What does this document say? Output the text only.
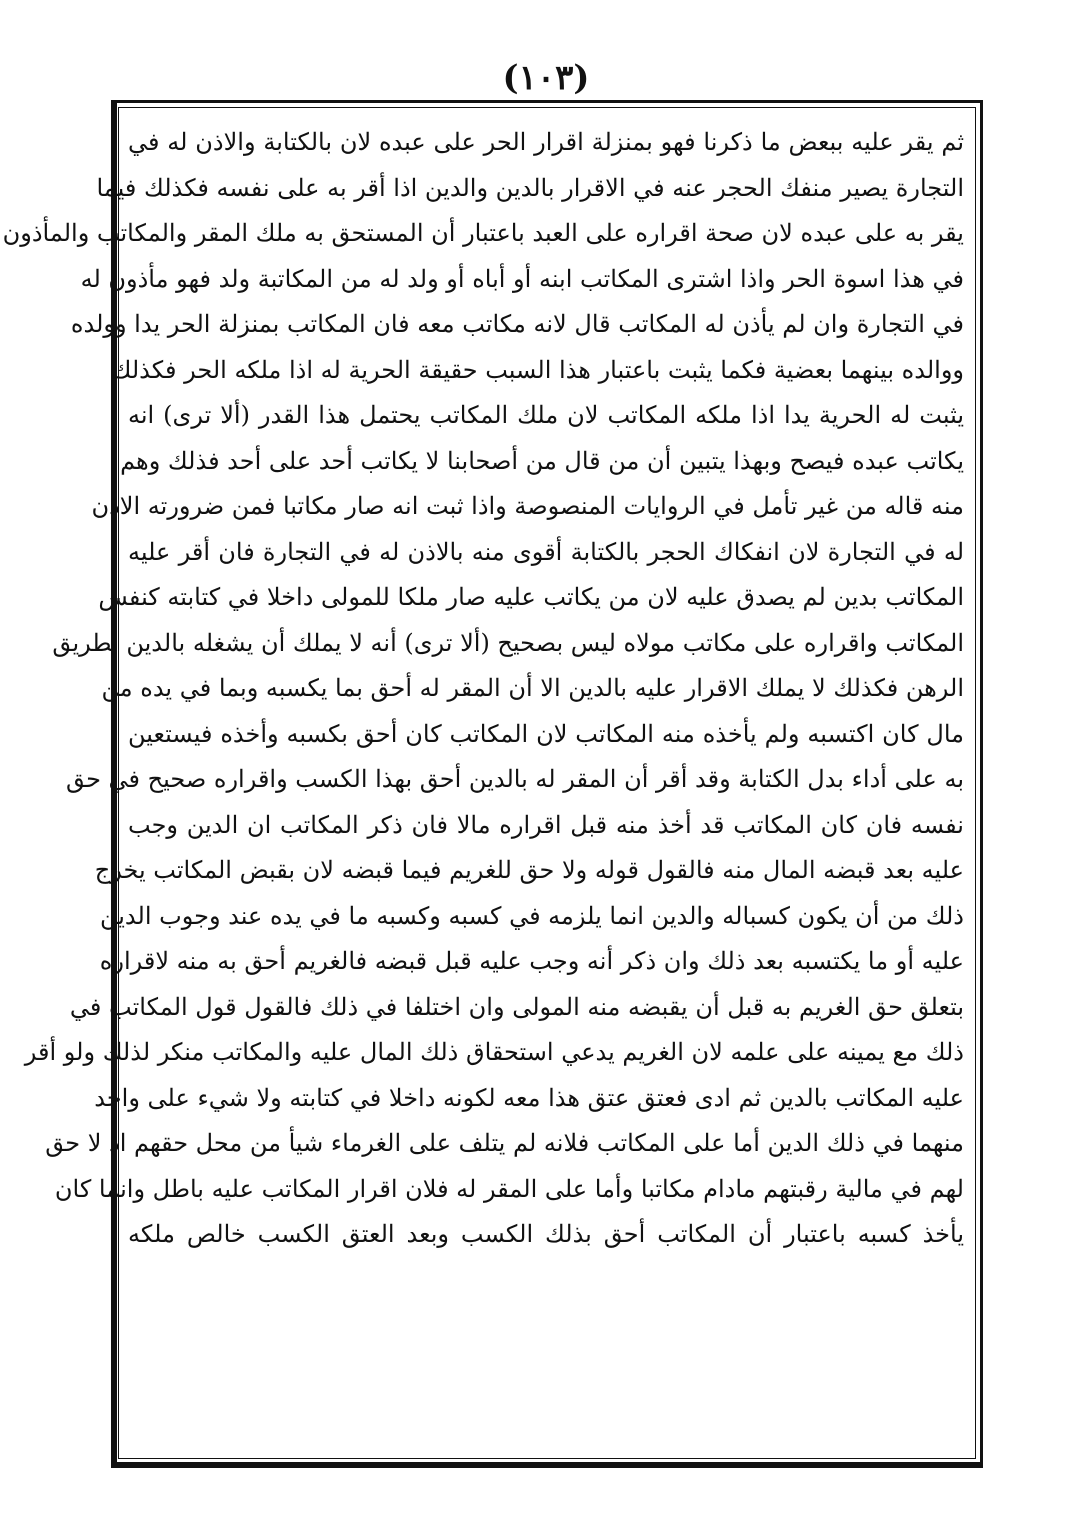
(١٠٣)
ثم يقر عليه ببعض ما ذكرنا فهو بمنزلة اقرار الحر على عبده لان بالكتابة والاذن له في
التجارة يصير منفك الحجر عنه في الاقرار بالدين والدين اذا أقر به على نفسه فكذلك فيما
يقر به على عبده لان صحة اقراره على العبد باعتبار أن المستحق به ملك المقر والمكاتب والمأذون
في هذا اسوة الحر واذا اشترى المكاتب ابنه أو أباه أو ولد له من المكاتبة ولد فهو مأذون له
في التجارة وان لم يأذن له المكاتب قال لانه مكاتب معه فان المكاتب بمنزلة الحر يدا وولده
ووالده بينهما بعضية فكما يثبت باعتبار هذا السبب حقيقة الحرية له اذا ملكه الحر فكذلك
يثبت له الحرية يدا اذا ملكه المكاتب لان ملك المكاتب يحتمل هذا القدر (ألا ترى) انه
يكاتب عبده فيصح وبهذا يتبين أن من قال من أصحابنا لا يكاتب أحد على أحد فذلك وهم
منه قاله من غير تأمل في الروايات المنصوصة واذا ثبت انه صار مكاتبا فمن ضرورته الاذن
له في التجارة لان انفكاك الحجر بالكتابة أقوى منه بالاذن له في التجارة فان أقر عليه
المكاتب بدين لم يصدق عليه لان من يكاتب عليه صار ملكا للمولى داخلا في كتابته كنفس
المكاتب واقراره على مكاتب مولاه ليس بصحيح (ألا ترى) أنه لا يملك أن يشغله بالدين بطريق
الرهن فكذلك لا يملك الاقرار عليه بالدين الا أن المقر له أحق بما يكسبه وبما في يده من
مال كان اكتسبه ولم يأخذه منه المكاتب لان المكاتب كان أحق بكسبه وأخذه فيستعين
به على أداء بدل الكتابة وقد أقر أن المقر له بالدين أحق بهذا الكسب واقراره صحيح في حق
نفسه فان كان المكاتب قد أخذ منه قبل اقراره مالا فان ذكر المكاتب ان الدين وجب
عليه بعد قبضه المال منه فالقول قوله ولا حق للغريم فيما قبضه لان بقبض المكاتب يخرج
ذلك من أن يكون كسباله والدين انما يلزمه في كسبه وكسبه ما في يده عند وجوب الدين
عليه أو ما يكتسبه بعد ذلك وان ذكر أنه وجب عليه قبل قبضه فالغريم أحق به منه لاقراره
بتعلق حق الغريم به قبل أن يقبضه منه المولى وان اختلفا في ذلك فالقول قول المكاتب في
ذلك مع يمينه على علمه لان الغريم يدعي استحقاق ذلك المال عليه والمكاتب منكر لذلك ولو أقر
عليه المكاتب بالدين ثم ادى فعتق عتق هذا معه لكونه داخلا في كتابته ولا شيء على واحد
منهما في ذلك الدين أما على المكاتب فلانه لم يتلف على الغرماء شيأ من محل حقهم اذ لا حق
لهم في مالية رقبتهم مادام مكاتبا وأما على المقر له فلان اقرار المكاتب عليه باطل وانما كان
يأخذ كسبه باعتبار أن المكاتب أحق بذلك الكسب وبعد العتق الكسب خالص ملكه
